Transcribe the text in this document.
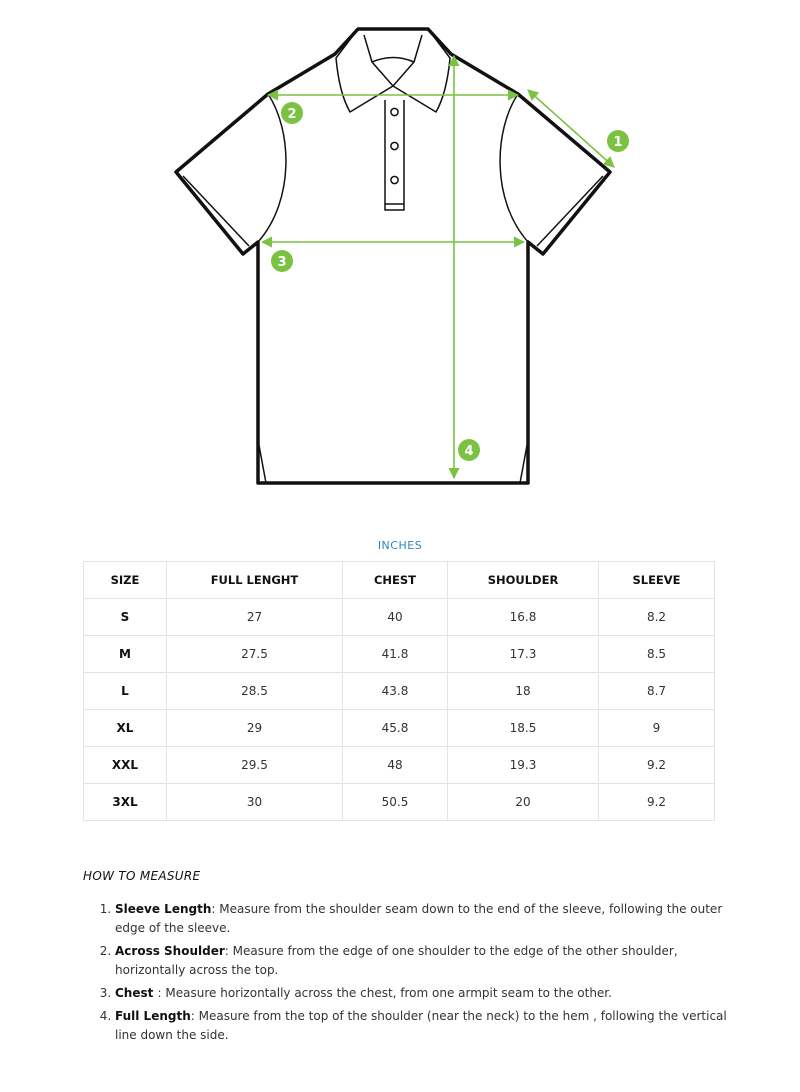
1
2
3
4
INCHES
SIZE	FULL LENGHT	CHEST	SHOULDER	SLEEVE
S	27	40	16.8	8.2
M	27.5	41.8	17.3	8.5
L	28.5	43.8	18	8.7
XL	29	45.8	18.5	9
XXL	29.5	48	19.3	9.2
3XL	30	50.5	20	9.2
HOW TO MEASURE
1. Sleeve Length: Measure from the shoulder seam down to the end of the sleeve, following the outer edge of the sleeve.
2. Across Shoulder: Measure from the edge of one shoulder to the edge of the other shoulder, horizontally across the top.
3. Chest : Measure horizontally across the chest, from one armpit seam to the other.
4. Full Length: Measure from the top of the shoulder (near the neck) to the hem , following the vertical line down the side.
